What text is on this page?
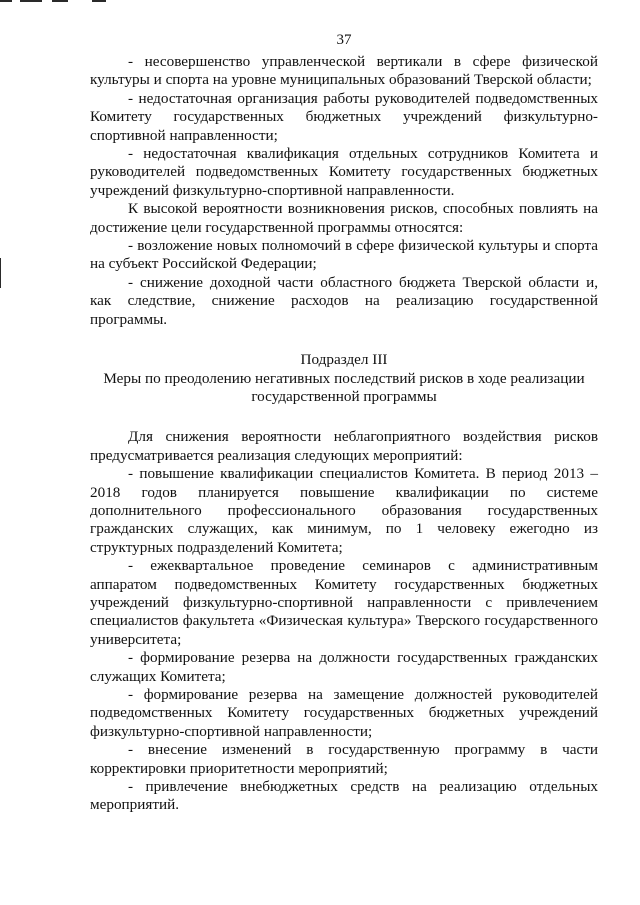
37

- несовершенство управленческой вертикали в сфере физической культуры и спорта на уровне муниципальных образований Тверской области;

- недостаточная организация работы руководителей подведомственных Комитету государственных бюджетных учреждений физкультурно-спортивной направленности;

- недостаточная квалификация отдельных сотрудников Комитета и руководителей подведомственных Комитету государственных бюджетных учреждений физкультурно-спортивной направленности.

К высокой вероятности возникновения рисков, способных повлиять на достижение цели государственной программы относятся:

- возложение новых полномочий в сфере физической культуры и спорта на субъект Российской Федерации;

- снижение доходной части областного бюджета Тверской области и, как следствие, снижение расходов на реализацию государственной программы.

Подраздел III

Меры по преодолению негативных последствий рисков в ходе реализации государственной программы

Для снижения вероятности неблагоприятного воздействия рисков предусматривается реализация следующих мероприятий:

- повышение квалификации специалистов Комитета. В период 2013 – 2018 годов планируется повышение квалификации по системе дополнительного профессионального образования государственных гражданских служащих, как минимум, по 1 человеку ежегодно из структурных подразделений Комитета;

- ежеквартальное проведение семинаров с административным аппаратом подведомственных Комитету государственных бюджетных учреждений физкультурно-спортивной направленности с привлечением специалистов факультета «Физическая культура» Тверского государственного университета;

- формирование резерва на должности государственных гражданских служащих Комитета;

- формирование резерва на замещение должностей руководителей подведомственных Комитету государственных бюджетных учреждений физкультурно-спортивной направленности;

- внесение изменений в государственную программу в части корректировки приоритетности мероприятий;

- привлечение внебюджетных средств на реализацию отдельных мероприятий.
